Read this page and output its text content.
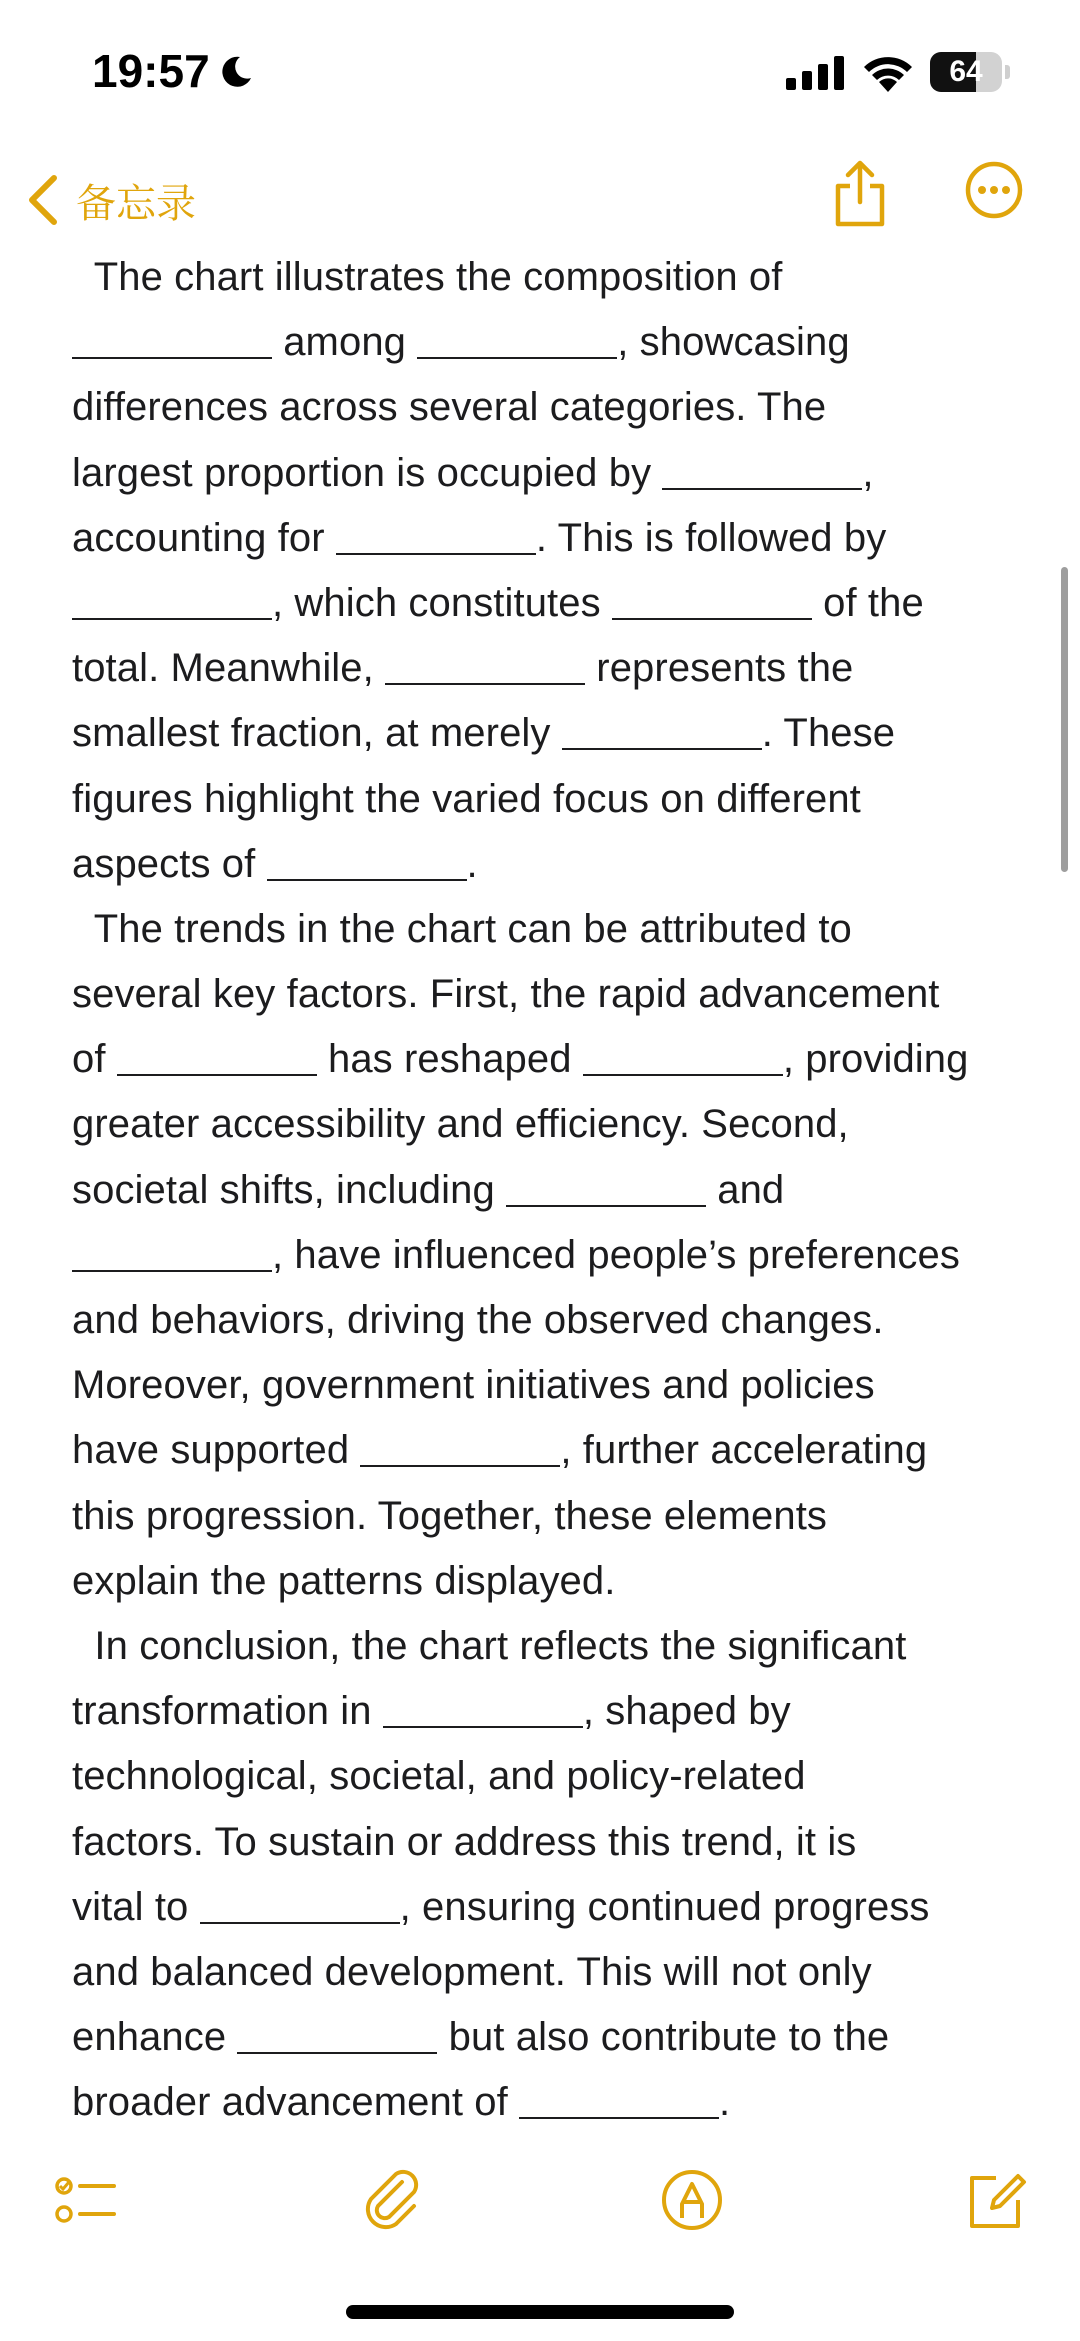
19:57	64
备忘录
The chart illustrates the composition of
among	, showcasing
differences across several categories. The
largest proportion is occupied by	,
accounting for	. This is followed by
, which constitutes	of the
total. Meanwhile,	represents the
smallest fraction, at merely	. These
figures highlight the varied focus on different
aspects of	.
The trends in the chart can be attributed to
several key factors. First, the rapid advancement
of	has reshaped	, providing
greater accessibility and efficiency. Second,
societal shifts, including	and
, have influenced people’s preferences
and behaviors, driving the observed changes.
Moreover, government initiatives and policies
have supported	, further accelerating
this progression. Together, these elements
explain the patterns displayed.
In conclusion, the chart reflects the significant
transformation in	, shaped by
technological, societal, and policy-related
factors. To sustain or address this trend, it is
vital to	, ensuring continued progress
and balanced development. This will not only
enhance	but also contribute to the
broader advancement of	.
